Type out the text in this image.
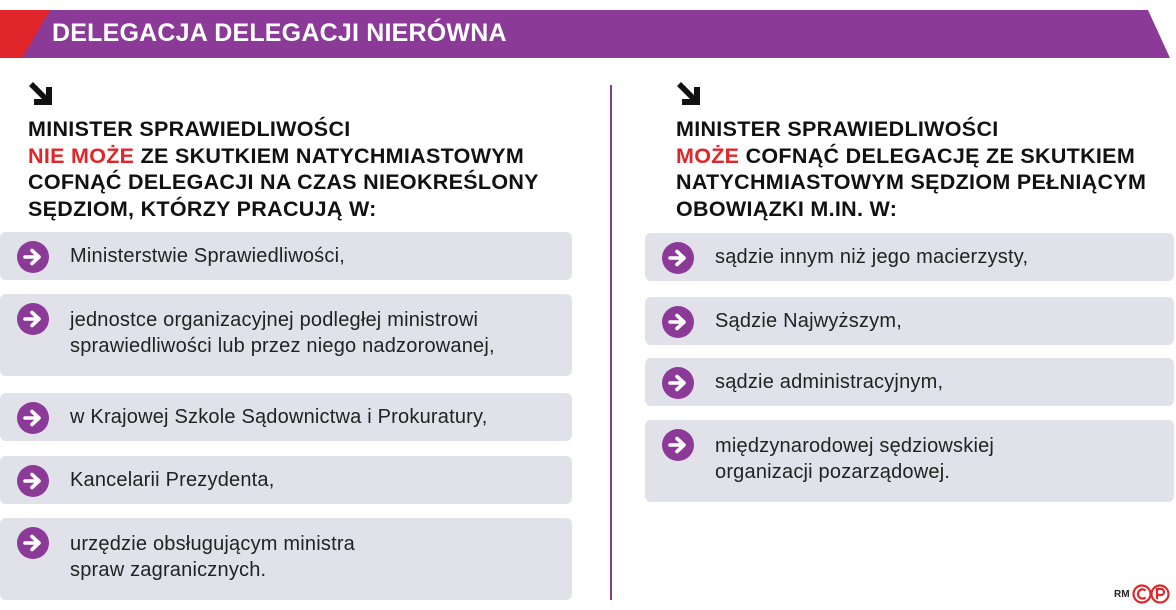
DELEGACJA DELEGACJI NIERÓWNA
MINISTER SPRAWIEDLIWOŚCI
NIE MOŻE ZE SKUTKIEM NATYCHMIASTOWYM
COFNĄĆ DELEGACJI NA CZAS NIEOKREŚLONY
SĘDZIOM, KTÓRZY PRACUJĄ W:
Ministerstwie Sprawiedliwości,
jednostce organizacyjnej podległej ministrowi
sprawiedliwości lub przez niego nadzorowanej,
w Krajowej Szkole Sądownictwa i Prokuratury,
Kancelarii Prezydenta,
urzędzie obsługującym ministra
spraw zagranicznych.
MINISTER SPRAWIEDLIWOŚCI
MOŻE COFNĄĆ DELEGACJĘ ZE SKUTKIEM
NATYCHMIASTOWYM SĘDZIOM PEŁNIĄCYM
OBOWIĄZKI M.IN. W:
sądzie innym niż jego macierzysty,
Sądzie Najwyższym,
sądzie administracyjnym,
międzynarodowej sędziowskiej
organizacji pozarządowej.
RM
